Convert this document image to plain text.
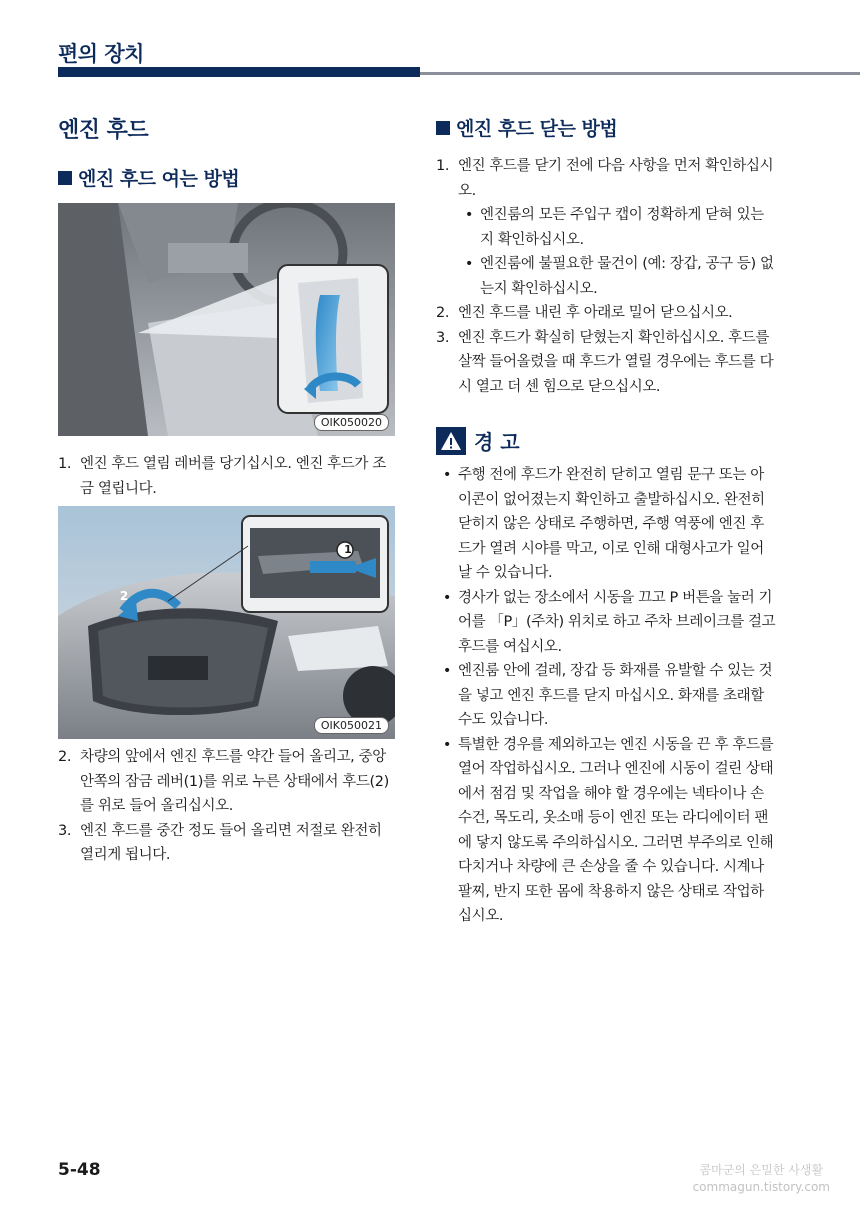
편의 장치
엔진 후드
엔진 후드 여는 방법
OIK050020
1. 엔진 후드 열림 레버를 당기십시오. 엔진 후드가 조금 열립니다.
1
2
OIK050021
2. 차량의 앞에서 엔진 후드를 약간 들어 올리고, 중앙 안쪽의 잠금 레버(1)를 위로 누른 상태에서 후드(2)를 위로 들어 올리십시오.
3. 엔진 후드를 중간 정도 들어 올리면 저절로 완전히 열리게 됩니다.
엔진 후드 닫는 방법
1. 엔진 후드를 닫기 전에 다음 사항을 먼저 확인하십시오.
• 엔진룸의 모든 주입구 캡이 정확하게 닫혀 있는지 확인하십시오.
• 엔진룸에 불필요한 물건이 (예: 장갑, 공구 등) 없는지 확인하십시오.
2. 엔진 후드를 내린 후 아래로 밀어 닫으십시오.
3. 엔진 후드가 확실히 닫혔는지 확인하십시오. 후드를 살짝 들어올렸을 때 후드가 열릴 경우에는 후드를 다시 열고 더 센 힘으로 닫으십시오.
경 고
• 주행 전에 후드가 완전히 닫히고 열림 문구 또는 아이콘이 없어졌는지 확인하고 출발하십시오. 완전히 닫히지 않은 상태로 주행하면, 주행 역풍에 엔진 후드가 열려 시야를 막고, 이로 인해 대형사고가 일어날 수 있습니다.
• 경사가 없는 장소에서 시동을 끄고 P 버튼을 눌러 기어를 「P」(주차) 위치로 하고 주차 브레이크를 걸고 후드를 여십시오.
• 엔진룸 안에 걸레, 장갑 등 화재를 유발할 수 있는 것을 넣고 엔진 후드를 닫지 마십시오. 화재를 초래할 수도 있습니다.
• 특별한 경우를 제외하고는 엔진 시동을 끈 후 후드를 열어 작업하십시오. 그러나 엔진에 시동이 걸린 상태에서 점검 및 작업을 해야 할 경우에는 넥타이나 손수건, 목도리, 옷소매 등이 엔진 또는 라디에이터 팬에 닿지 않도록 주의하십시오. 그러면 부주의로 인해 다치거나 차량에 큰 손상을 줄 수 있습니다. 시계나 팔찌, 반지 또한 몸에 착용하지 않은 상태로 작업하십시오.
5-48	콤마군의 은밀한 사생활
commagun.tistory.com
